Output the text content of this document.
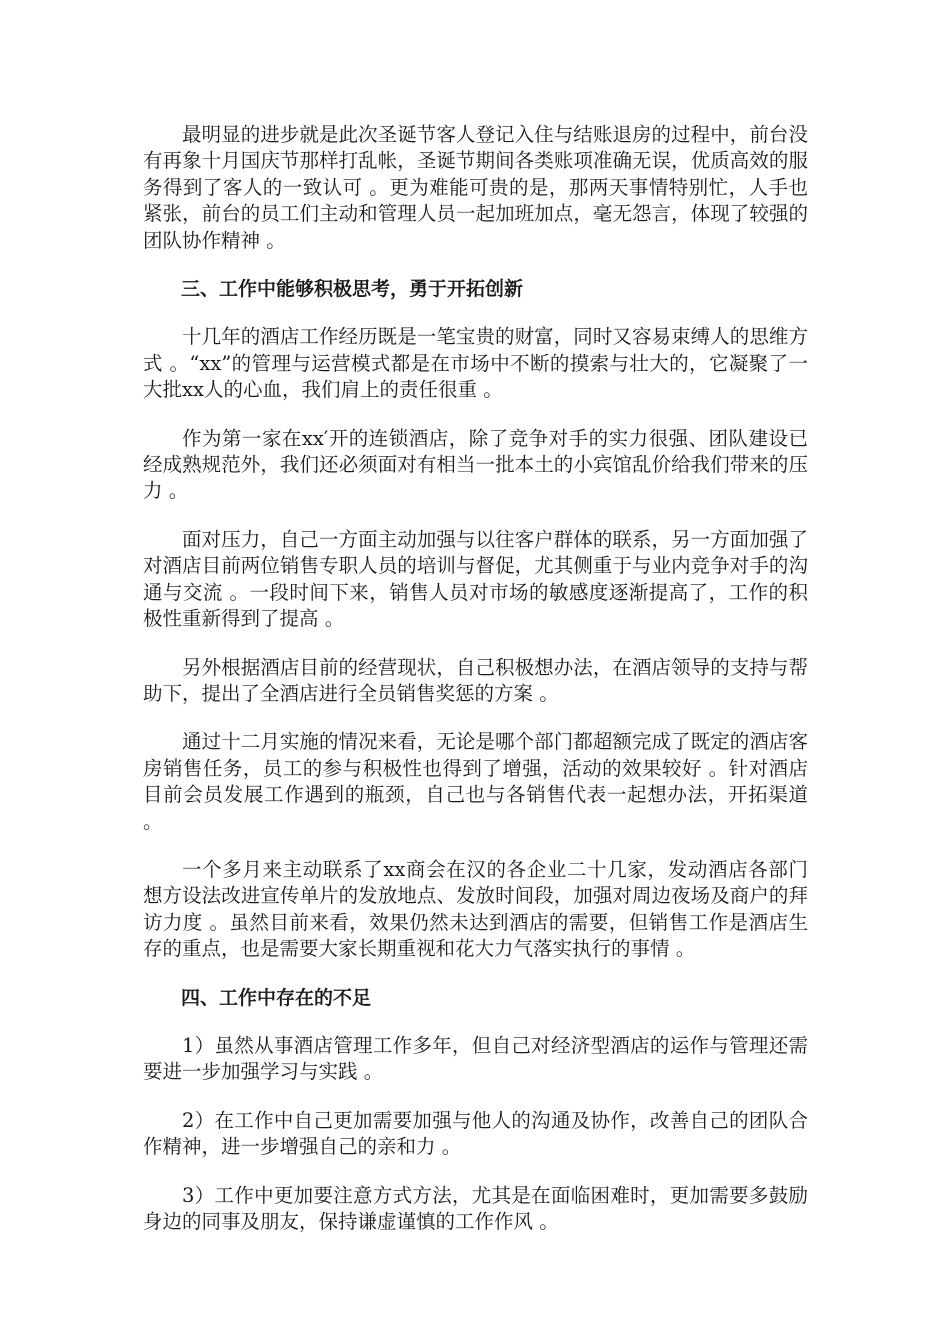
最明显的进步就是此次圣诞节客人登记入住与结账退房的过程中，前台没有再象十月国庆节那样打乱帐，圣诞节期间各类账项准确无误，优质高效的服务得到了客人的一致认可 。更为难能可贵的是，那两天事情特别忙，人手也紧张，前台的员工们主动和管理人员一起加班加点，毫无怨言，体现了较强的团队协作精神 。

三、工作中能够积极思考，勇于开拓创新

十几年的酒店工作经历既是一笔宝贵的财富，同时又容易束缚人的思维方式 。“xx”的管理与运营模式都是在市场中不断的摸索与壮大的，它凝聚了一大批xx人的心血，我们肩上的责任很重 。

作为第一家在xx′开的连锁酒店，除了竞争对手的实力很强、团队建设已经成熟规范外，我们还必须面对有相当一批本土的小宾馆乱价给我们带来的压力 。

面对压力，自己一方面主动加强与以往客户群体的联系，另一方面加强了对酒店目前两位销售专职人员的培训与督促，尤其侧重于与业内竞争对手的沟通与交流 。一段时间下来，销售人员对市场的敏感度逐渐提高了，工作的积极性重新得到了提高 。

另外根据酒店目前的经营现状，自己积极想办法，在酒店领导的支持与帮助下，提出了全酒店进行全员销售奖惩的方案 。

通过十二月实施的情况来看，无论是哪个部门都超额完成了既定的酒店客房销售任务，员工的参与积极性也得到了增强，活动的效果较好 。针对酒店目前会员发展工作遇到的瓶颈，自己也与各销售代表一起想办法，开拓渠道 。

一个多月来主动联系了xx商会在汉的各企业二十几家，发动酒店各部门想方设法改进宣传单片的发放地点、发放时间段，加强对周边夜场及商户的拜访力度 。虽然目前来看，效果仍然未达到酒店的需要，但销售工作是酒店生存的重点，也是需要大家长期重视和花大力气落实执行的事情 。

四、工作中存在的不足

1）虽然从事酒店管理工作多年，但自己对经济型酒店的运作与管理还需要进一步加强学习与实践 。

2）在工作中自己更加需要加强与他人的沟通及协作，改善自己的团队合作精神，进一步增强自己的亲和力 。

3）工作中更加要注意方式方法，尤其是在面临困难时，更加需要多鼓励身边的同事及朋友，保持谦虚谨慎的工作作风 。
